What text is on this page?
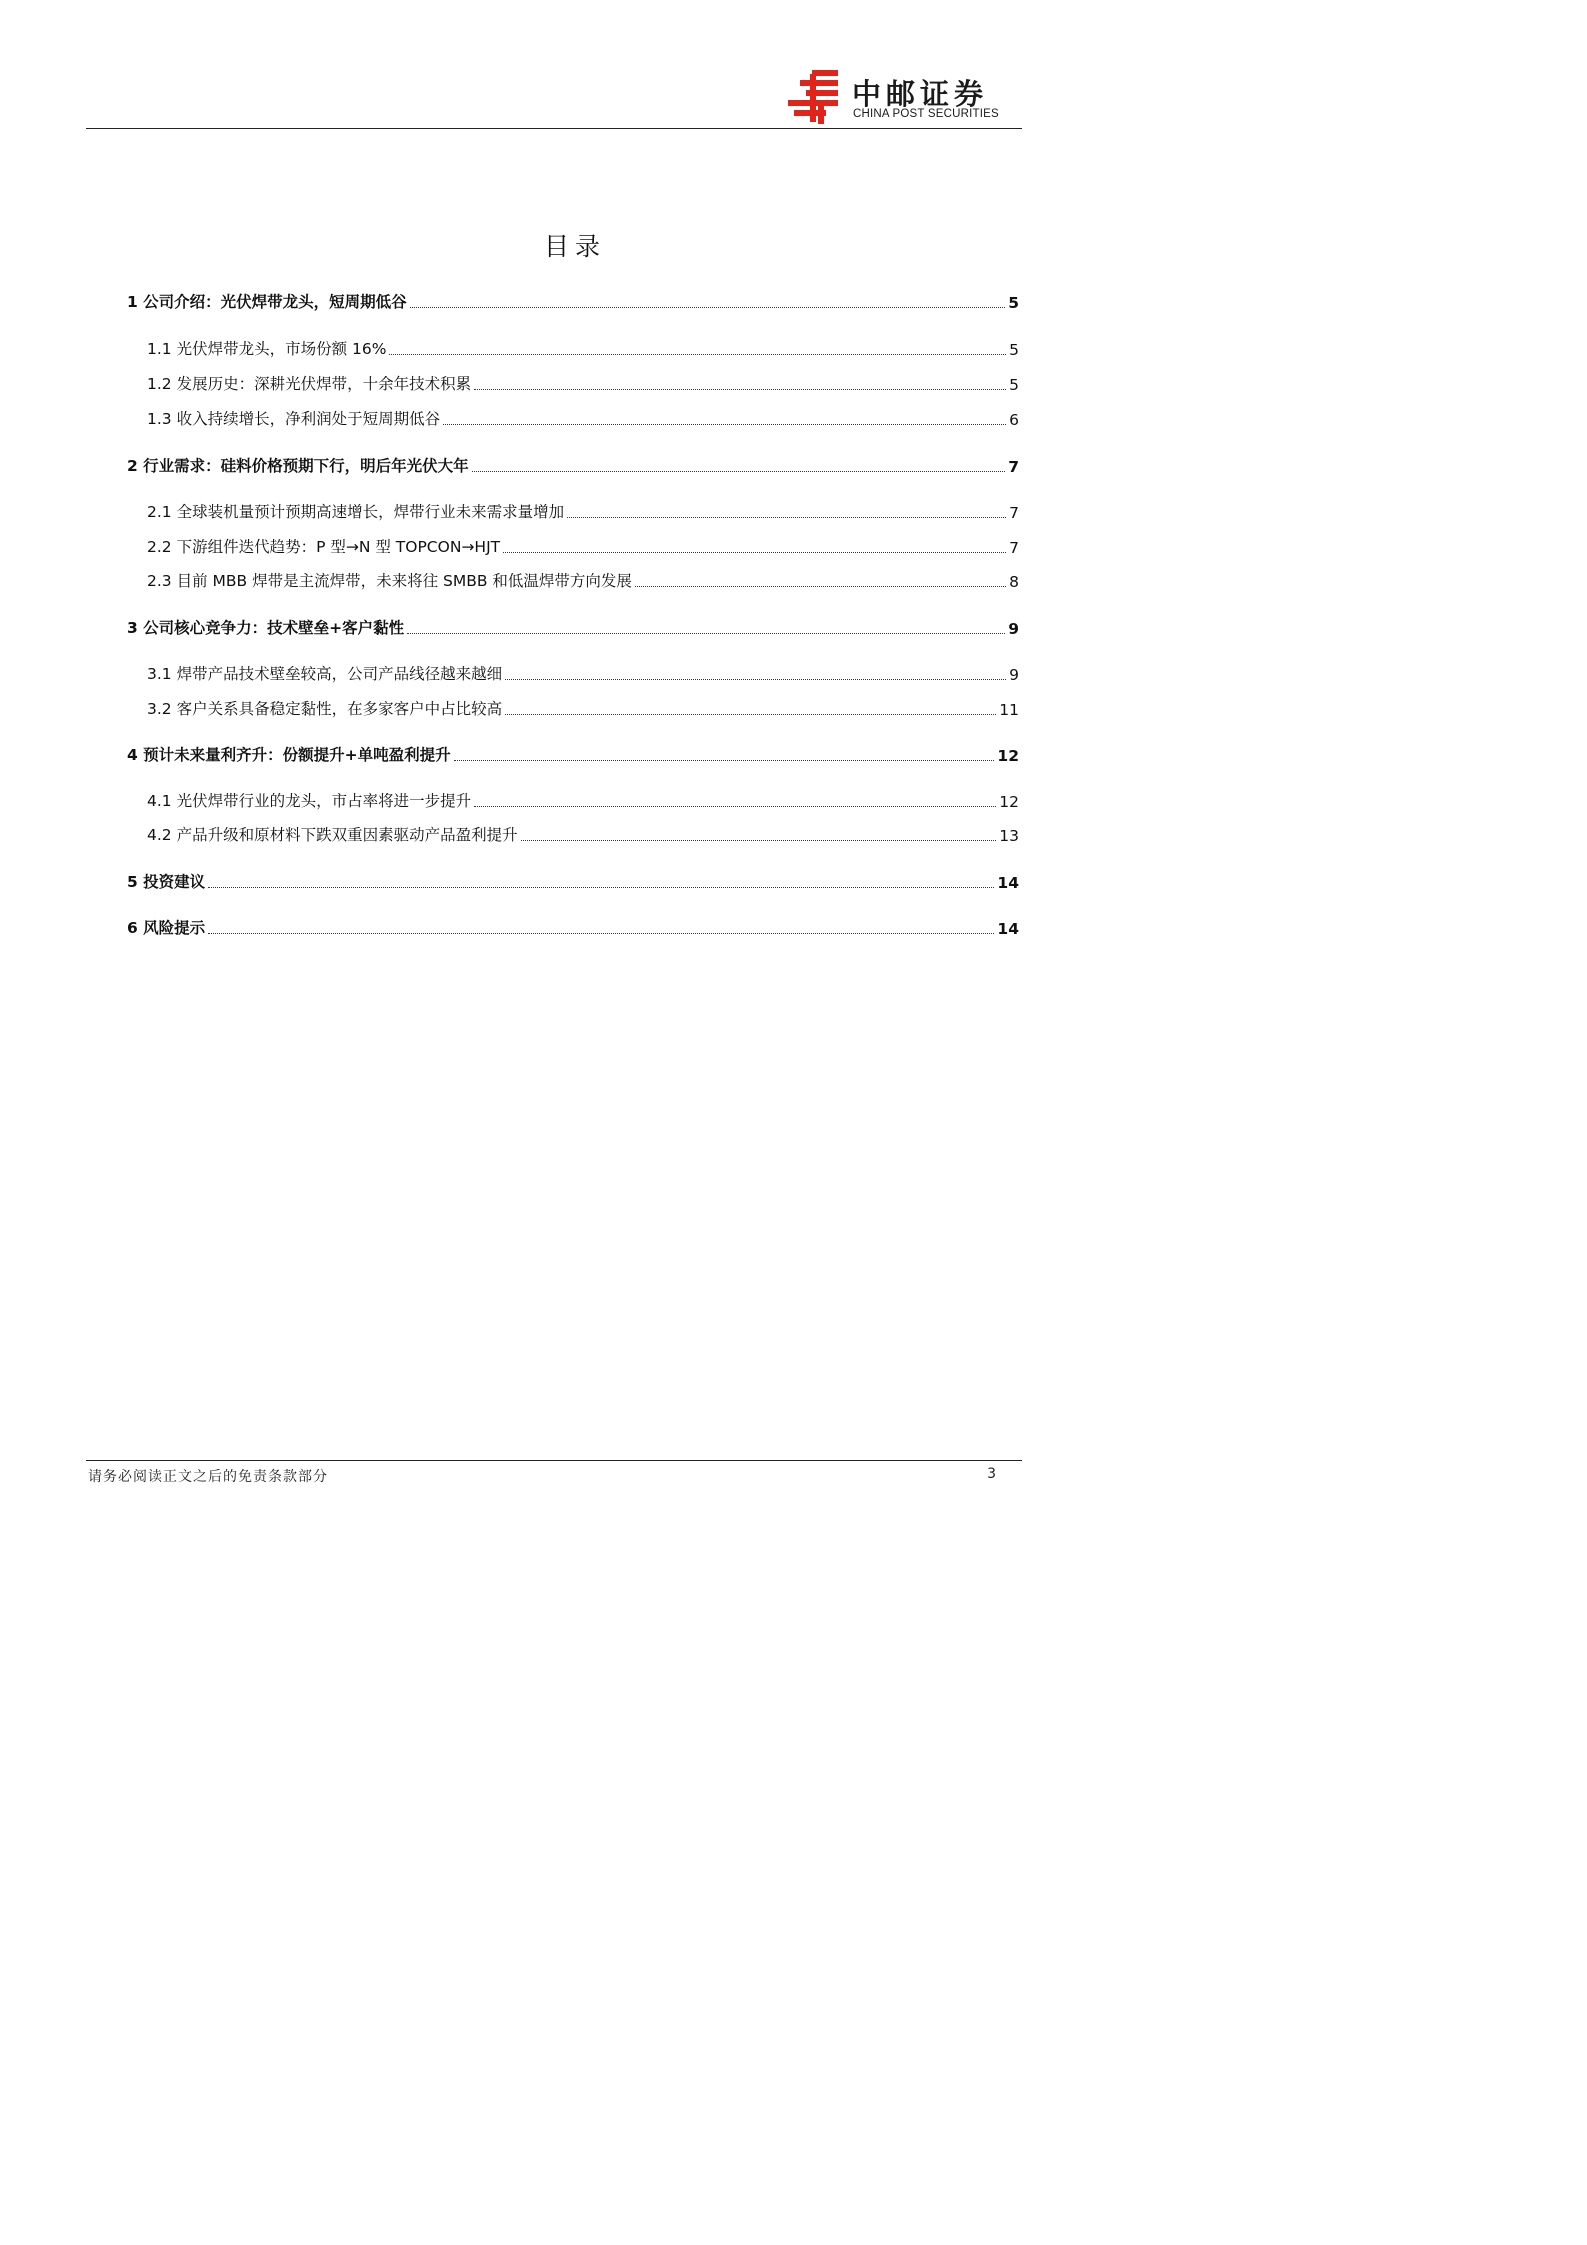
中邮证券
CHINA POST SECURITIES
目录
1 公司介绍：光伏焊带龙头，短周期低谷	5
1.1 光伏焊带龙头，市场份额 16%	5
1.2 发展历史：深耕光伏焊带，十余年技术积累	5
1.3 收入持续增长，净利润处于短周期低谷	6
2 行业需求：硅料价格预期下行，明后年光伏大年	7
2.1 全球装机量预计预期高速增长，焊带行业未来需求量增加	7
2.2 下游组件迭代趋势：P 型→N 型 TOPCON→HJT	7
2.3 目前 MBB 焊带是主流焊带，未来将往 SMBB 和低温焊带方向发展	8
3 公司核心竞争力：技术壁垒+客户黏性	9
3.1 焊带产品技术壁垒较高，公司产品线径越来越细	9
3.2 客户关系具备稳定黏性，在多家客户中占比较高	11
4 预计未来量利齐升：份额提升+单吨盈利提升	12
4.1 光伏焊带行业的龙头，市占率将进一步提升	12
4.2 产品升级和原材料下跌双重因素驱动产品盈利提升	13
5 投资建议	14
6 风险提示	14
请务必阅读正文之后的免责条款部分	3
